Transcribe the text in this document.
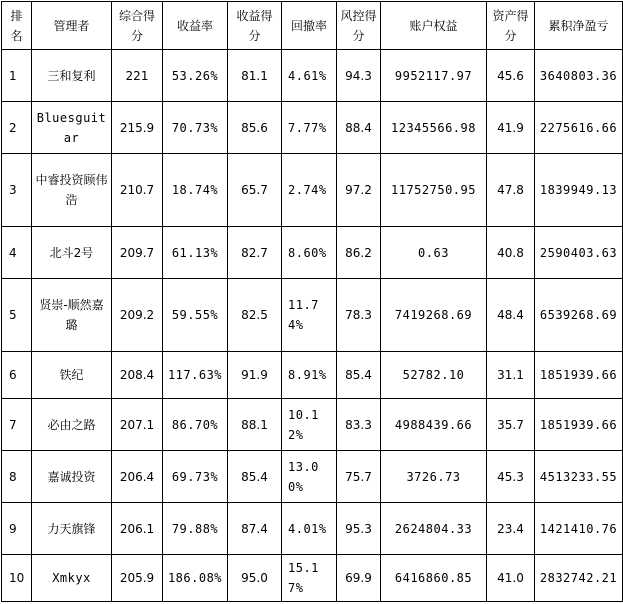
排名	管理者	综合得分	收益率	收益得分	回撤率	风控得分	账户权益	资产得分	累积净盈亏
1	三和复利	221	53.26%	81.1	4.61%	94.3	9952117.97	45.6	3640803.36
2	Bluesguitar	215.9	70.73%	85.6	7.77%	88.4	12345566.98	41.9	2275616.66
3	中睿投资顾伟浩	210.7	18.74%	65.7	2.74%	97.2	11752750.95	47.8	1839949.13
4	北斗2号	209.7	61.13%	82.7	8.60%	86.2	0.63	40.8	2590403.63
5	贤崇-顺然嘉璐	209.2	59.55%	82.5	11.74%	78.3	7419268.69	48.4	6539268.69
6	铁纪	208.4	117.63%	91.9	8.91%	85.4	52782.10	31.1	1851939.66
7	必由之路	207.1	86.70%	88.1	10.12%	83.3	4988439.66	35.7	1851939.66
8	嘉诚投资	206.4	69.73%	85.4	13.00%	75.7	3726.73	45.3	4513233.55
9	力天旗锋	206.1	79.88%	87.4	4.01%	95.3	2624804.33	23.4	1421410.76
10	Xmkyx	205.9	186.08%	95.0	15.17%	69.9	6416860.85	41.0	2832742.21
